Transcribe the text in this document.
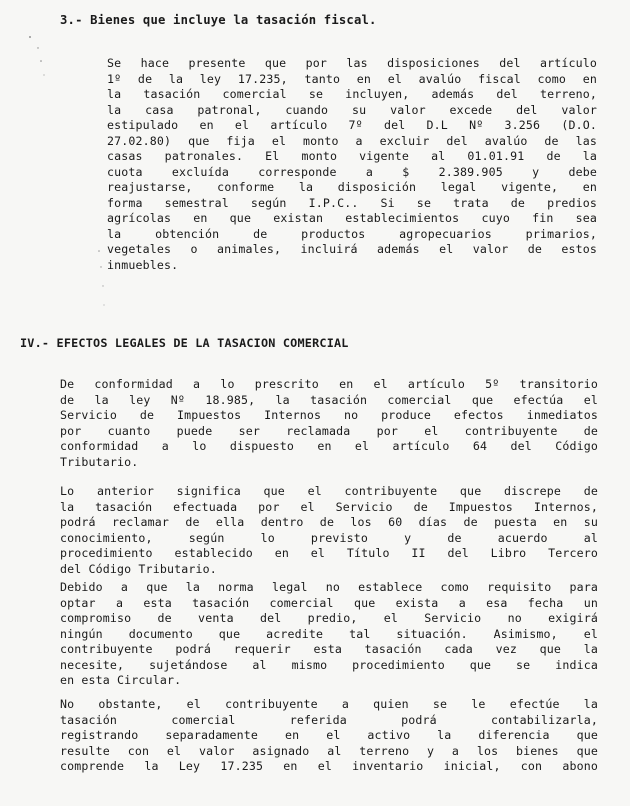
3.- Bienes que incluye la tasación fiscal.

Se hace presente que por las disposiciones del artículo
1º de la ley 17.235, tanto en el avalúo fiscal como en
la tasación comercial se incluyen, además del terreno,
la casa patronal, cuando su valor excede del valor
estipulado en el artículo 7º del D.L Nº 3.256 (D.O.
27.02.80) que fija el monto a excluir del avalúo de las
casas patronales. El monto vigente al 01.01.91 de la
cuota excluída corresponde a $ 2.389.905 y debe
reajustarse, conforme la disposición legal vigente, en
forma semestral según I.P.C.. Si se trata de predios
agrícolas en que existan establecimientos cuyo fin sea
la obtención de productos agropecuarios primarios,
vegetales o animales, incluirá además el valor de estos
inmuebles.

IV.- EFECTOS LEGALES DE LA TASACION COMERCIAL

De conformidad a lo prescrito en el artículo 5º transitorio
de la ley Nº 18.985, la tasación comercial que efectúa el
Servicio de Impuestos Internos no produce efectos inmediatos
por cuanto puede ser reclamada por el contribuyente de
conformidad a lo dispuesto en el artículo 64 del Código
Tributario.

Lo anterior significa que el contribuyente que discrepe de
la tasación efectuada por el Servicio de Impuestos Internos,
podrá reclamar de ella dentro de los 60 días de puesta en su
conocimiento, según lo previsto y de acuerdo al
procedimiento establecido en el Título II del Libro Tercero
del Código Tributario.

Debido a que la norma legal no establece como requisito para
optar a esta tasación comercial que exista a esa fecha un
compromiso de venta del predio, el Servicio no exigirá
ningún documento que acredite tal situación. Asimismo, el
contribuyente podrá requerir esta tasación cada vez que la
necesite, sujetándose al mismo procedimiento que se indica
en esta Circular.

No obstante, el contribuyente a quien se le efectúe la
tasación comercial referida podrá contabilizarla,
registrando separadamente en el activo la diferencia que
resulte con el valor asignado al terreno y a los bienes que
comprende la Ley 17.235 en el inventario inicial, con abono
